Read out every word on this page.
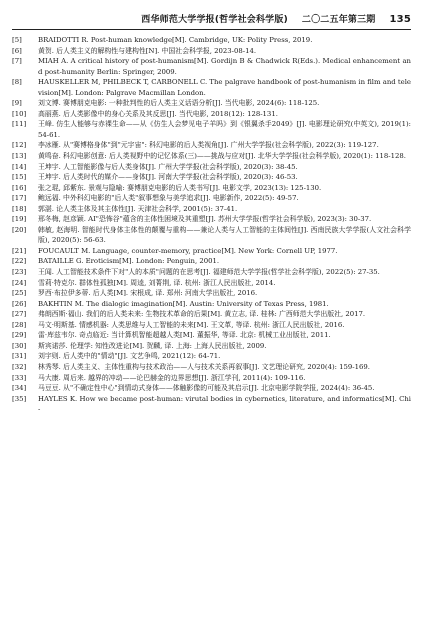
西华师范大学学报(哲学社会科学版) 二〇二五年第三期 135
[5]	BRAIDOTTI R. Post-human knowledge[M]. Cambridge, UK: Polity Press, 2019.
[6]	黄贺. 后人类主义的解构性与建构性[N]. 中国社会科学报, 2023-08-14.
[7]	MIAH A. A critical history of post-humanism[M]. Gordijn B & Chadwick R(Eds.). Medical enhancement and post-humanity Berlin: Springer, 2009.
[8]	HAUSKELLER M, PHILBECK T, CARBONELL C. The palgrave handbook of post-humanism in film and television[M]. London: Palgrave Macmillan London.
[9]	刘文博. 赛博朋克电影: 一种批判性的后人类主义话语分析[J]. 当代电影, 2024(6): 118-125.
[10]	高丽燕. 后人类影像中的身心关系及其反思[J]. 当代电影, 2018(12): 128-131.
[11]	王峰. 仿生人能够与赤裸生命——从《仿生人会梦见电子羊吗》到《银翼杀手2049》[J]. 电影理论研究(中英文), 2019(1): 54-61.
[12]	李冰雁. 从"赛博格身体"到"元宇宙": 科幻电影的后人类视角[J]. 广州大学学报(社会科学版), 2022(3): 119-127.
[13]	黄鸣奋. 科幻电影创意: 后人类视野中的记忆体系(三)——挑战与应对[J]. 北华大学学报(社会科学版), 2020(1): 118-128.
[14]	王坤宇. 人工智能影像与后人类身体[J]. 广州大学学报(社会科学版), 2020(3): 38-45.
[15]	王坤宇. 后人类时代的媒介——身体[J]. 河南大学学报(社会科学版), 2020(3): 46-53.
[16]	张之琨, 邱紫东. 景观与隐喻: 赛博朋克电影的后人类书写[J]. 电影文学, 2023(13): 125-130.
[17]	鲍远福. 中外科幻电影的"后人类"叙事想象与美学追求[J]. 电影新作, 2022(5): 49-57.
[18]	郭湛. 论人类主体及其主体性[J]. 天津社会科学, 2001(5): 37-41.
[19]	邢冬梅, 赵彦颖. AI"恐怖谷"蕴含的主体性困境及其重塑[J]. 苏州大学学报(哲学社会科学版), 2023(3): 30-37.
[20]	韩敏, 赵海明. 智能时代身体主体性的颠覆与重构——兼论人类与人工智能的主体间性[J]. 西南民族大学学报(人文社会科学版), 2020(5): 56-63.
[21]	FOUCAULT M. Language, counter-memory, practice[M]. New York: Cornell UP, 1977.
[22]	BATAILLE G. Eroticism[M]. London: Penguin, 2001.
[23]	王闻. 人工智能技术条件下对"人的本质"问题的在思考[J]. 福建师范大学学报(哲学社会科学版), 2022(5): 27-35.
[24]	雪莉·特克尔. 群体性孤独[M]. 周逵, 刘菁荆, 译. 杭州: 浙江人民出版社, 2014.
[25]	罗西·布拉伊多蒂. 后人类[M]. 宋根成, 译. 郑州: 河南大学出版社, 2016.
[26]	BAKHTIN M. The dialogic imagination[M]. Austin: University of Texas Press, 1981.
[27]	弗朗西斯·福山. 我们的后人类未来: 生物技术革命的后果[M]. 黄立志, 译. 桂林: 广西师范大学出版社, 2017.
[28]	马文·明斯基. 情感机器: 人类思维与人工智能的未来[M]. 王文革, 等译. 杭州: 浙江人民出版社, 2016.
[29]	雷·库兹韦尔. 奇点临近: 当计算机智能超越人类[M]. 董振华, 等译. 北京: 机械工业出版社, 2011.
[30]	斯宾诺莎. 伦理学: 知性改进论[M]. 贺麟, 译. 上海: 上海人民出版社, 2009.
[31]	刘宇则. 后人类中的"情动"[J]. 文艺争鸣, 2021(12): 64-71.
[32]	林秀琴. 后人类主义、主体性重构与技术政治——人与技术关系再叙事[J]. 文艺理论研究, 2020(4): 159-169.
[33]	马大康. 周后来. 越界的冲动——论巴赫金的边界思想[J]. 浙江学刊, 2011(4): 109-116.
[34]	马豆豆. 从"不确定性中心"到情动式身体——体触影像的可能及其启示[J]. 北京电影学院学报, 2024(4): 36-45.
[35]	HAYLES K. How we became post-human: virutal bodies in cybernetics, literature, and informatics[M]. Chi-
